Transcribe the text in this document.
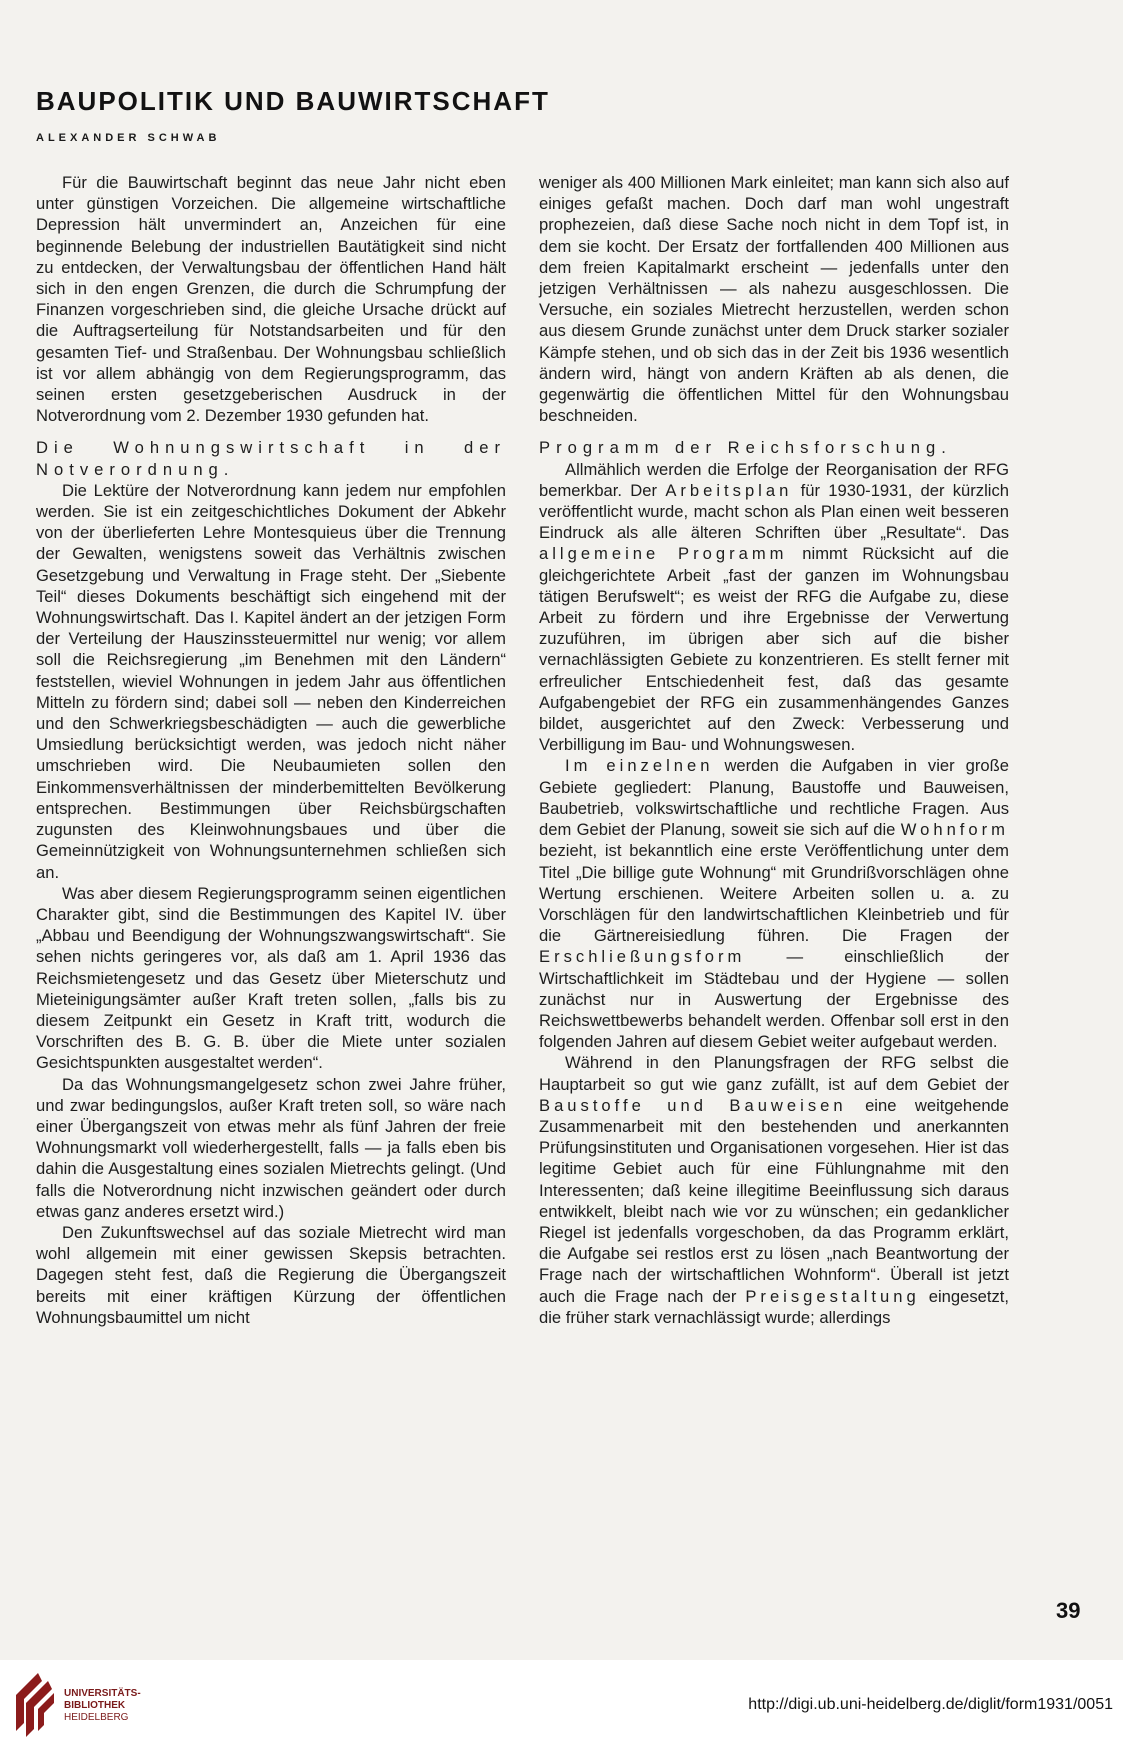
BAUPOLITIK UND BAUWIRTSCHAFT
ALEXANDER SCHWAB

Für die Bauwirtschaft beginnt das neue Jahr nicht eben unter günstigen Vorzeichen. Die allgemeine wirtschaftliche Depression hält unvermindert an, Anzeichen für eine beginnende Belebung der industriellen Bautätigkeit sind nicht zu entdecken, der Verwaltungsbau der öffentlichen Hand hält sich in den engen Grenzen, die durch die Schrumpfung der Finanzen vorgeschrieben sind, die gleiche Ursache drückt auf die Auftragserteilung für Notstandsarbeiten und für den gesamten Tief- und Straßenbau. Der Wohnungsbau schließlich ist vor allem abhängig von dem Regierungsprogramm, das seinen ersten gesetzgeberischen Ausdruck in der Notverordnung vom 2. Dezember 1930 gefunden hat.

Die Wohnungswirtschaft in der Notverordnung.

Die Lektüre der Notverordnung kann jedem nur empfohlen werden. Sie ist ein zeitgeschichtliches Dokument der Abkehr von der überlieferten Lehre Montesquieus über die Trennung der Gewalten, wenigstens soweit das Verhältnis zwischen Gesetzgebung und Verwaltung in Frage steht. Der „Siebente Teil“ dieses Dokuments beschäftigt sich eingehend mit der Wohnungswirtschaft. Das I. Kapitel ändert an der jetzigen Form der Verteilung der Hauszinssteuermittel nur wenig; vor allem soll die Reichsregierung „im Benehmen mit den Ländern“ feststellen, wieviel Wohnungen in jedem Jahr aus öffentlichen Mitteln zu fördern sind; dabei soll — neben den Kinderreichen und den Schwerkriegsbeschädigten — auch die gewerbliche Umsiedlung berücksichtigt werden, was jedoch nicht näher umschrieben wird. Die Neubaumieten sollen den Einkommensverhältnissen der minderbemittelten Bevölkerung entsprechen. Bestimmungen über Reichsbürgschaften zugunsten des Kleinwohnungsbaues und über die Gemeinnützigkeit von Wohnungsunternehmen schließen sich an.

Was aber diesem Regierungsprogramm seinen eigentlichen Charakter gibt, sind die Bestimmungen des Kapitel IV. über „Abbau und Beendigung der Wohnungszwangswirtschaft“. Sie sehen nichts geringeres vor, als daß am 1. April 1936 das Reichsmietengesetz und das Gesetz über Mieterschutz und Mieteinigungsämter außer Kraft treten sollen, „falls bis zu diesem Zeitpunkt ein Gesetz in Kraft tritt, wodurch die Vorschriften des B. G. B. über die Miete unter sozialen Gesichtspunkten ausgestaltet werden“.

Da das Wohnungsmangelgesetz schon zwei Jahre früher, und zwar bedingungslos, außer Kraft treten soll, so wäre nach einer Übergangszeit von etwas mehr als fünf Jahren der freie Wohnungsmarkt voll wiederhergestellt, falls — ja falls eben bis dahin die Ausgestaltung eines sozialen Mietrechts gelingt. (Und falls die Notverordnung nicht inzwischen geändert oder durch etwas ganz anderes ersetzt wird.)

Den Zukunftswechsel auf das soziale Mietrecht wird man wohl allgemein mit einer gewissen Skepsis betrachten. Dagegen steht fest, daß die Regierung die Übergangszeit bereits mit einer kräftigen Kürzung der öffentlichen Wohnungsbaumittel um nicht

weniger als 400 Millionen Mark einleitet; man kann sich also auf einiges gefaßt machen. Doch darf man wohl ungestraft prophezeien, daß diese Sache noch nicht in dem Topf ist, in dem sie kocht. Der Ersatz der fortfallenden 400 Millionen aus dem freien Kapitalmarkt erscheint — jedenfalls unter den jetzigen Verhältnissen — als nahezu ausgeschlossen. Die Versuche, ein soziales Mietrecht herzustellen, werden schon aus diesem Grunde zunächst unter dem Druck starker sozialer Kämpfe stehen, und ob sich das in der Zeit bis 1936 wesentlich ändern wird, hängt von andern Kräften ab als denen, die gegenwärtig die öffentlichen Mittel für den Wohnungsbau beschneiden.

Programm der Reichsforschung.

Allmählich werden die Erfolge der Reorganisation der RFG bemerkbar. Der Arbeitsplan für 1930-1931, der kürzlich veröffentlicht wurde, macht schon als Plan einen weit besseren Eindruck als alle älteren Schriften über „Resultate“. Das allgemeine Programm nimmt Rücksicht auf die gleichgerichtete Arbeit „fast der ganzen im Wohnungsbau tätigen Berufswelt“; es weist der RFG die Aufgabe zu, diese Arbeit zu fördern und ihre Ergebnisse der Verwertung zuzuführen, im übrigen aber sich auf die bisher vernachlässigten Gebiete zu konzentrieren. Es stellt ferner mit erfreulicher Entschiedenheit fest, daß das gesamte Aufgabengebiet der RFG ein zusammenhängendes Ganzes bildet, ausgerichtet auf den Zweck: Verbesserung und Verbilligung im Bau- und Wohnungswesen.

Im einzelnen werden die Aufgaben in vier große Gebiete gegliedert: Planung, Baustoffe und Bauweisen, Baubetrieb, volkswirtschaftliche und rechtliche Fragen. Aus dem Gebiet der Planung, soweit sie sich auf die Wohnform bezieht, ist bekanntlich eine erste Veröffentlichung unter dem Titel „Die billige gute Wohnung“ mit Grundrißvorschlägen ohne Wertung erschienen. Weitere Arbeiten sollen u. a. zu Vorschlägen für den landwirtschaftlichen Kleinbetrieb und für die Gärtnereisiedlung führen. Die Fragen der Erschließungsform — einschließlich der Wirtschaftlichkeit im Städtebau und der Hygiene — sollen zunächst nur in Auswertung der Ergebnisse des Reichswettbewerbs behandelt werden. Offenbar soll erst in den folgenden Jahren auf diesem Gebiet weiter aufgebaut werden.

Während in den Planungsfragen der RFG selbst die Hauptarbeit so gut wie ganz zufällt, ist auf dem Gebiet der Baustoffe und Bauweisen eine weitgehende Zusammenarbeit mit den bestehenden und anerkannten Prüfungsinstituten und Organisationen vorgesehen. Hier ist das legitime Gebiet auch für eine Fühlungnahme mit den Interessenten; daß keine illegitime Beeinflussung sich daraus entwikkelt, bleibt nach wie vor zu wünschen; ein gedanklicher Riegel ist jedenfalls vorgeschoben, da das Programm erklärt, die Aufgabe sei restlos erst zu lösen „nach Beantwortung der Frage nach der wirtschaftlichen Wohnform“. Überall ist jetzt auch die Frage nach der Preisgestaltung eingesetzt, die früher stark vernachlässigt wurde; allerdings

39
UNIVERSITÄTS-
BIBLIOTHEK
HEIDELBERG
http://digi.ub.uni-heidelberg.de/diglit/form1931/0051
